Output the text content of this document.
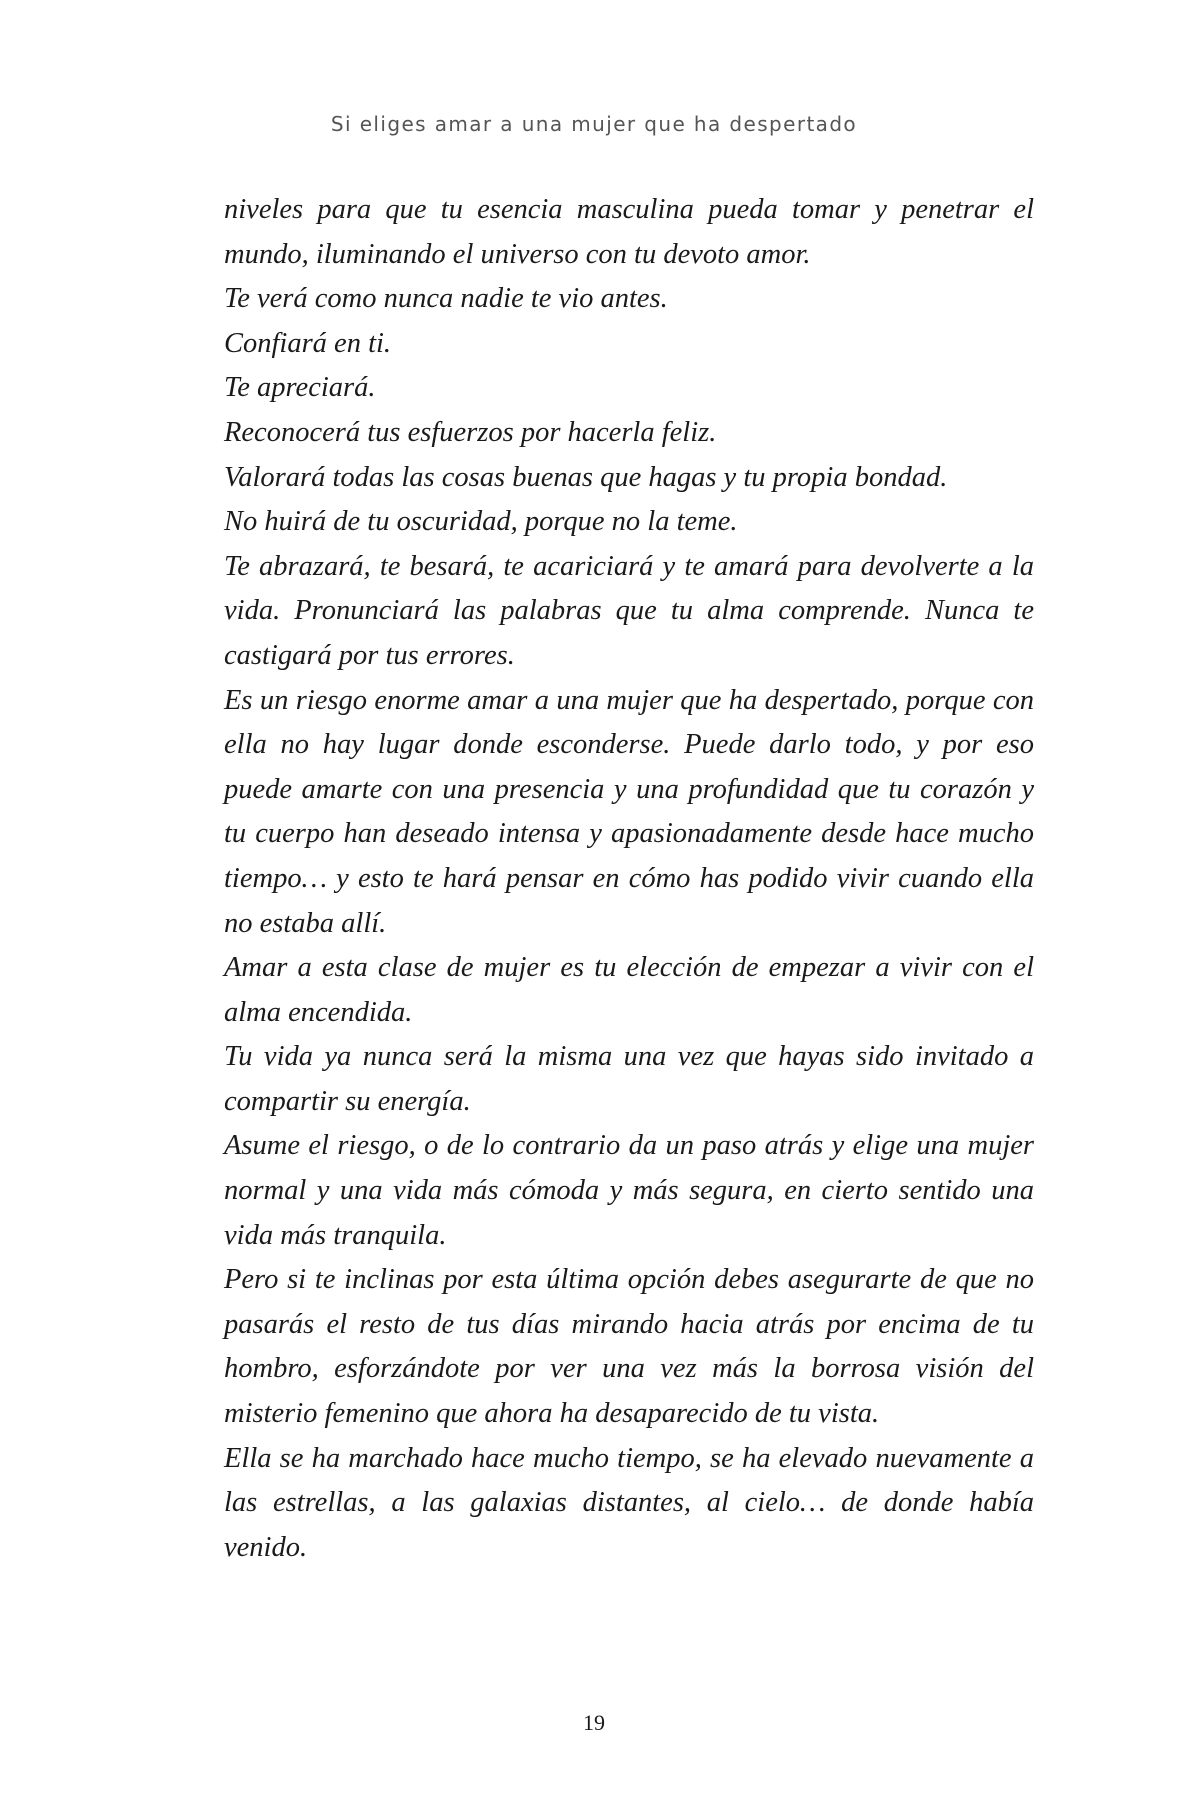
Si eliges amar a una mujer que ha despertado

niveles para que tu esencia masculina pueda tomar y penetrar el mundo, iluminando el universo con tu devoto amor.

Te verá como nunca nadie te vio antes.

Confiará en ti.

Te apreciará.

Reconocerá tus esfuerzos por hacerla feliz.

Valorará todas las cosas buenas que hagas y tu propia bondad.

No huirá de tu oscuridad, porque no la teme.

Te abrazará, te besará, te acariciará y te amará para devolverte a la vida. Pronunciará las palabras que tu alma comprende. Nunca te castigará por tus errores.

Es un riesgo enorme amar a una mujer que ha despertado, porque con ella no hay lugar donde esconderse. Puede darlo todo, y por eso puede amarte con una presencia y una profundidad que tu corazón y tu cuerpo han deseado intensa y apasionadamente desde hace mucho tiempo… y esto te hará pensar en cómo has podido vivir cuando ella no estaba allí.

Amar a esta clase de mujer es tu elección de empezar a vivir con el alma encendida.

Tu vida ya nunca será la misma una vez que hayas sido invitado a compartir su energía.

Asume el riesgo, o de lo contrario da un paso atrás y elige una mujer normal y una vida más cómoda y más segura, en cierto sentido una vida más tranquila.

Pero si te inclinas por esta última opción debes asegurarte de que no pasarás el resto de tus días mirando hacia atrás por encima de tu hombro, esforzándote por ver una vez más la borrosa visión del misterio femenino que ahora ha desaparecido de tu vista.

Ella se ha marchado hace mucho tiempo, se ha elevado nuevamente a las estrellas, a las galaxias distantes, al cielo… de donde había venido.

19
